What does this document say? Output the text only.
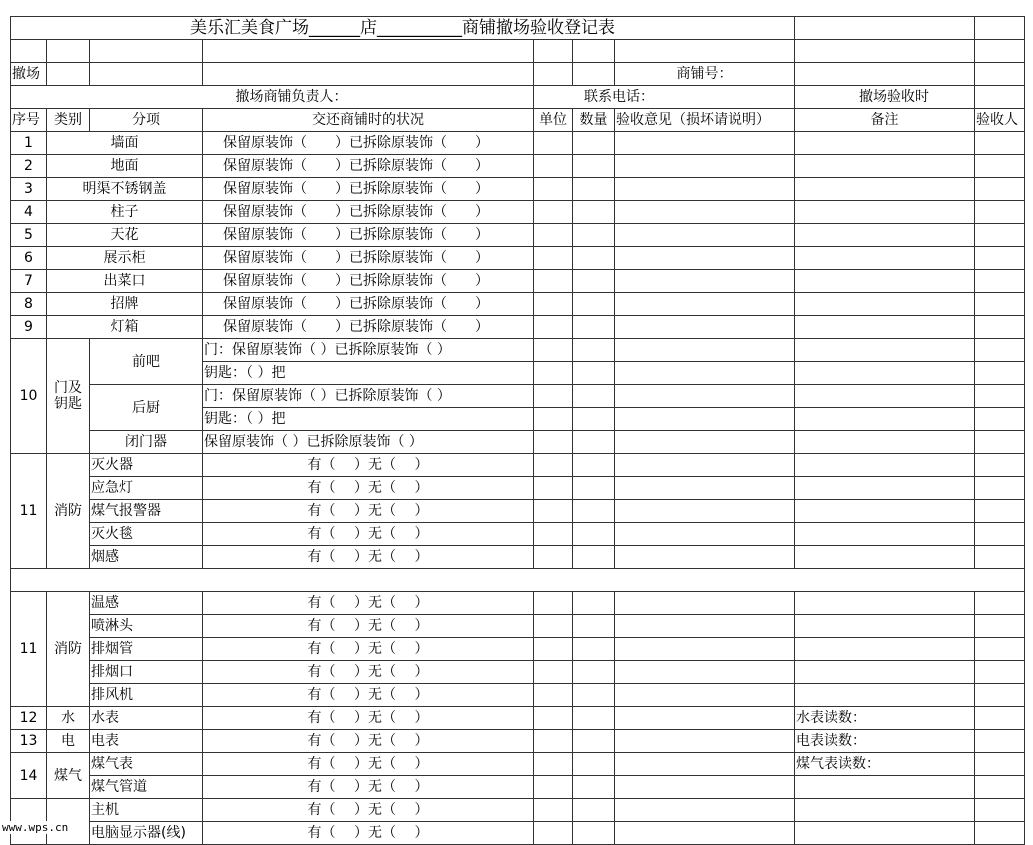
美乐汇美食广场______店__________商铺撤场验收登记表								

撤场						商铺号：		
撤场商铺负责人：				联系电话：			撤场验收时	
序号	类别	分项	交还商铺时的状况	单位	数量	验收意见（损坏请说明）	备注	验收人
1	墙面		保留原装饰（　　）已拆除原装饰（　　）					
2	地面		保留原装饰（　　）已拆除原装饰（　　）					
3	明渠不锈钢盖		保留原装饰（　　）已拆除原装饰（　　）					
4	柱子		保留原装饰（　　）已拆除原装饰（　　）					
5	天花		保留原装饰（　　）已拆除原装饰（　　）					
6	展示柜		保留原装饰（　　）已拆除原装饰（　　）					
7	出菜口		保留原装饰（　　）已拆除原装饰（　　）					
8	招牌		保留原装饰（　　）已拆除原装饰（　　）					
9	灯箱		保留原装饰（　　）已拆除原装饰（　　）					
10	门及钥匙	前吧	门：保留原装饰（ ）已拆除原装饰（ ）					
			钥匙：（ ）把					
		后厨	门：保留原装饰（ ）已拆除原装饰（ ）					
			钥匙：（ ）把					
		闭门器	保留原装饰（ ）已拆除原装饰（ ）					
11	消防	灭火器	有（　 ）无（　 ）					
		应急灯	有（　 ）无（　 ）					
		煤气报警器	有（　 ）无（　 ）					
		灭火毯	有（　 ）无（　 ）					
		烟感	有（　 ）无（　 ）					

11	消防	温感	有（　 ）无（　 ）					
		喷淋头	有（　 ）无（　 ）					
		排烟管	有（　 ）无（　 ）					
		排烟口	有（　 ）无（　 ）					
		排风机	有（　 ）无（　 ）					
12	水	水表	有（　 ）无（　 ）				水表读数：	
13	电	电表	有（　 ）无（　 ）				电表读数：	
14	煤气	煤气表	有（　 ）无（　 ）				煤气表读数：	
		煤气管道	有（　 ）无（　 ）					
		主机	有（　 ）无（　 ）					
		电脑显示器(线)	有（　 ）无（　 ）					
www.wps.cn
